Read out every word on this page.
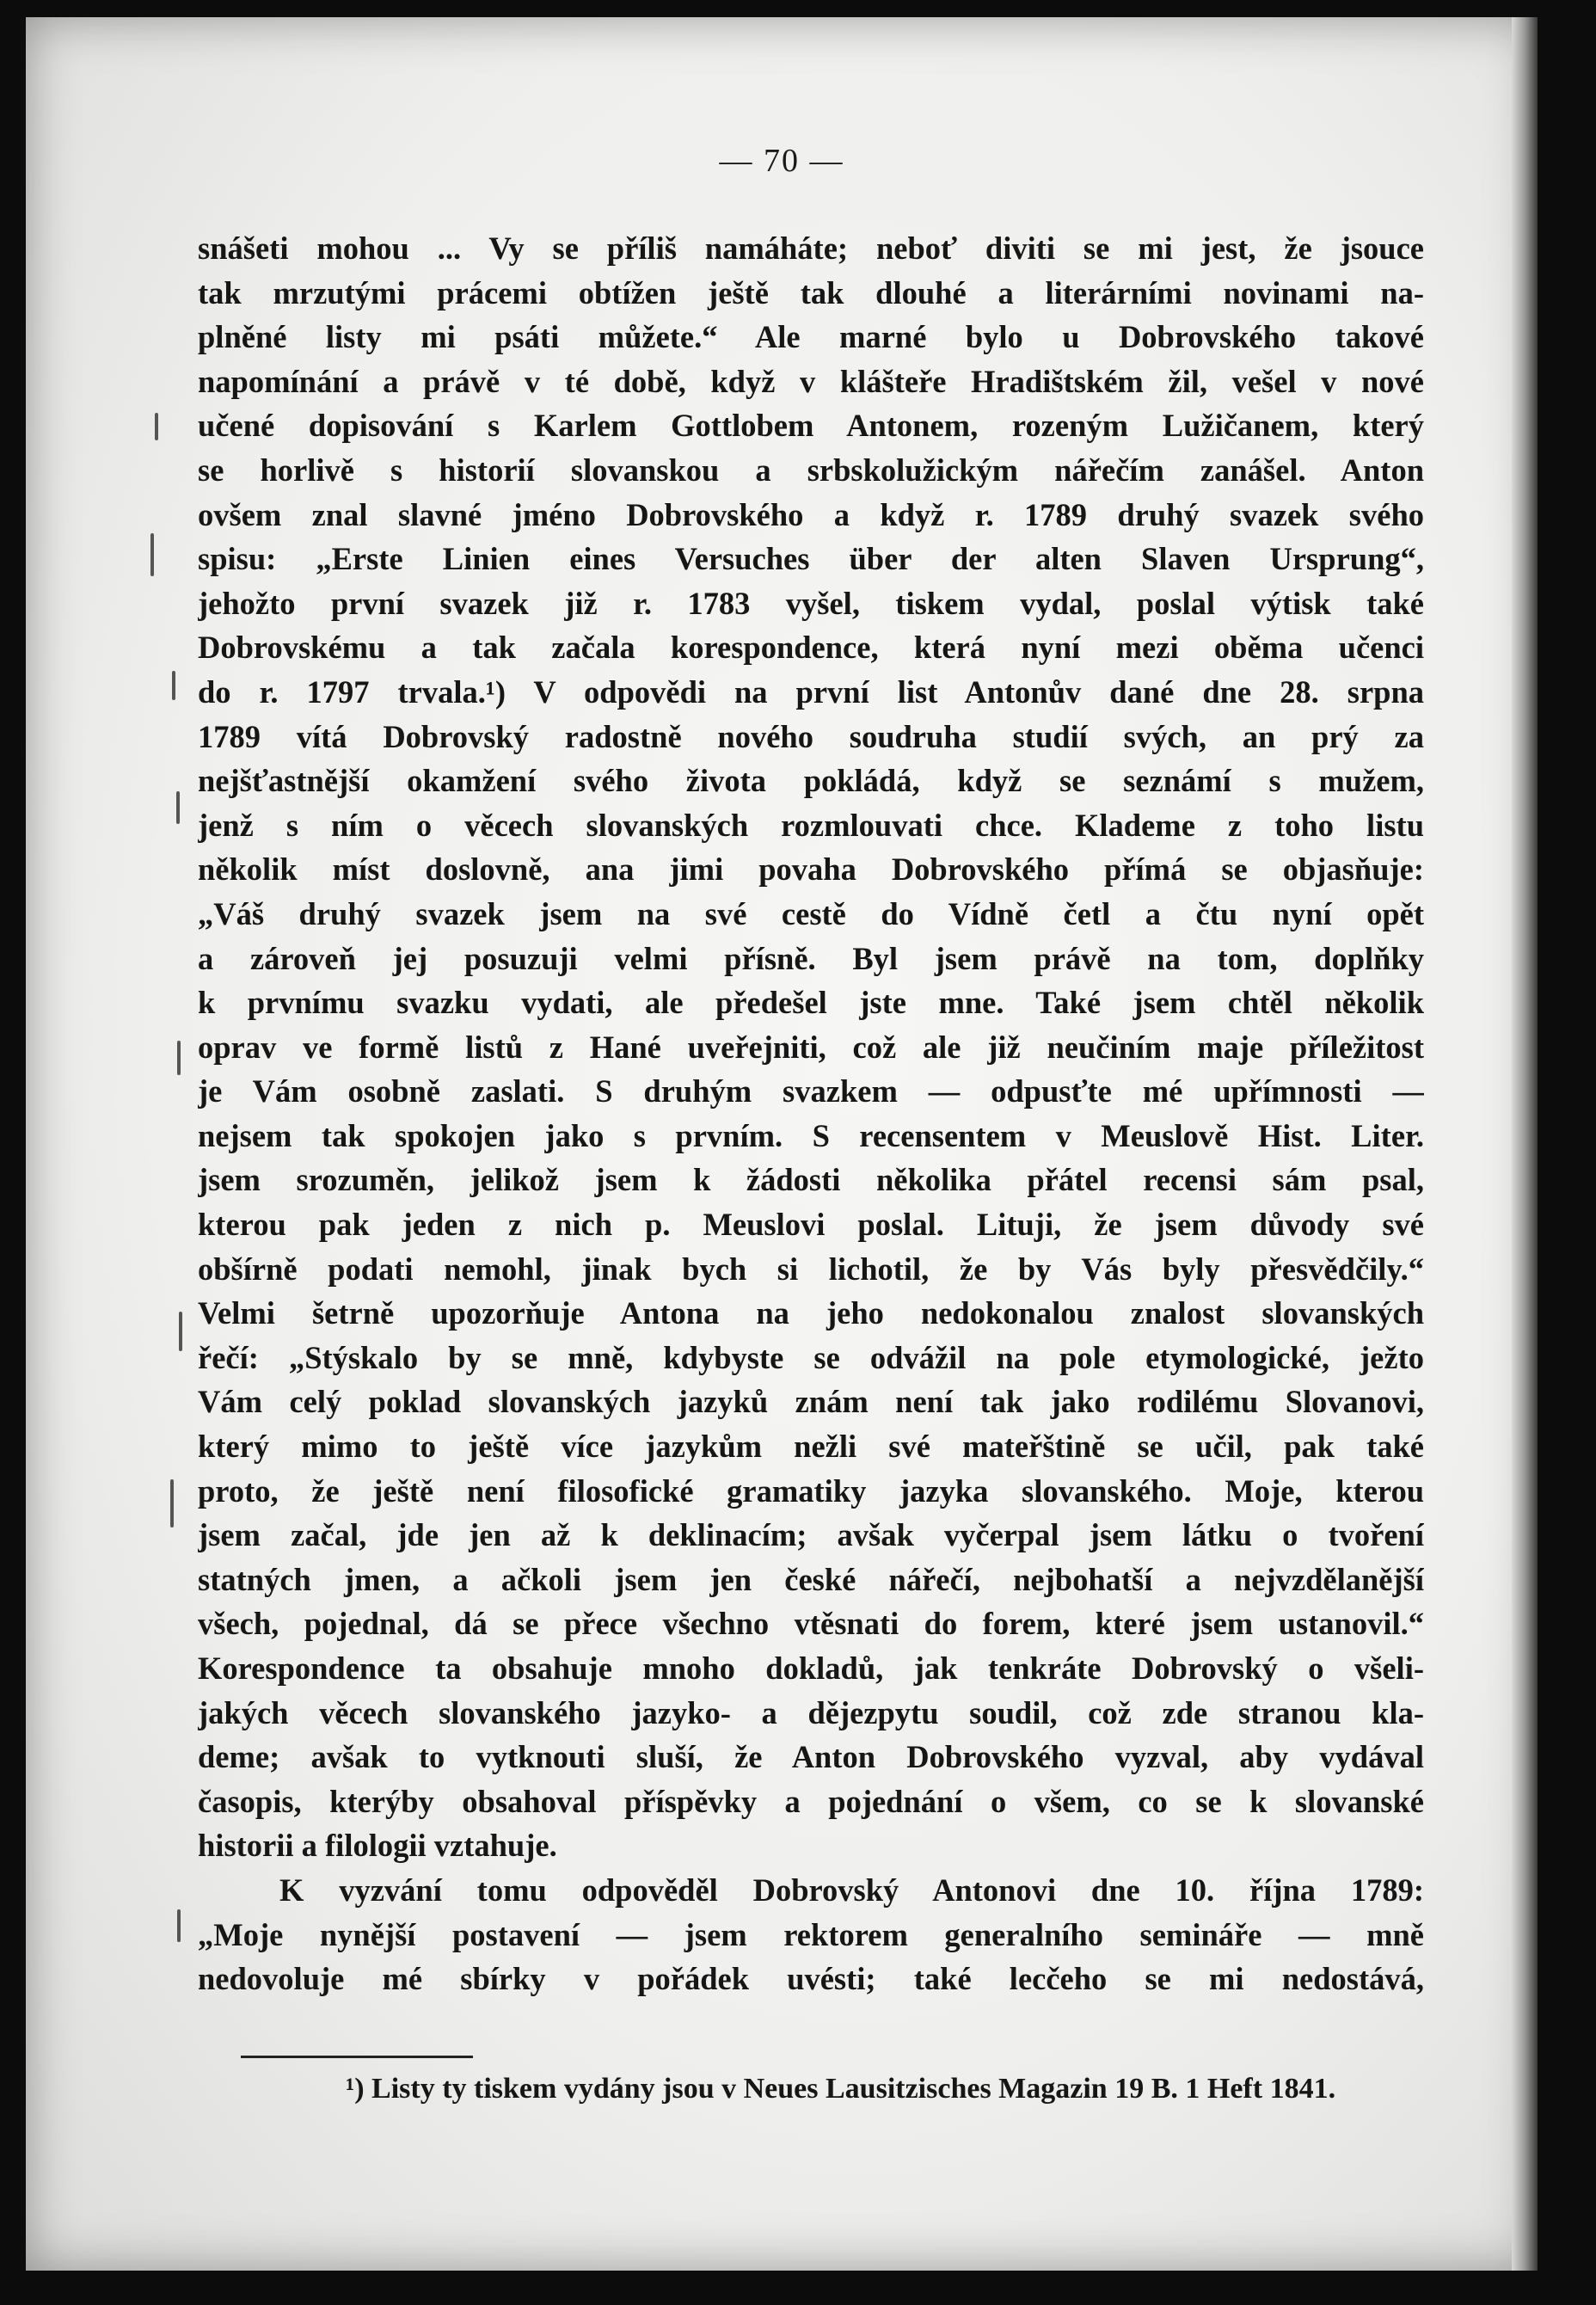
— 70 —
snášeti mohou ... Vy se příliš namáháte; neboť diviti se mi jest, že jsouce
tak mrzutými prácemi obtížen ještě tak dlouhé a literárními novinami na-
plněné listy mi psáti můžete.“ Ale marné bylo u Dobrovského takové
napomínání a právě v té době, když v klášteře Hradištském žil, vešel v nové
učené dopisování s Karlem Gottlobem Antonem, rozeným Lužičanem, který
se horlivě s historií slovanskou a srbskolužickým nářečím zanášel. Anton
ovšem znal slavné jméno Dobrovského a když r. 1789 druhý svazek svého
spisu: „Erste Linien eines Versuches über der alten Slaven Ursprung“,
jehožto první svazek již r. 1783 vyšel, tiskem vydal, poslal výtisk také
Dobrovskému a tak začala korespondence, která nyní mezi oběma učenci
do r. 1797 trvala.¹) V odpovědi na první list Antonův dané dne 28. srpna
1789 vítá Dobrovský radostně nového soudruha studií svých, an prý za
nejšťastnější okamžení svého života pokládá, když se seznámí s mužem,
jenž s ním o věcech slovanských rozmlouvati chce. Klademe z toho listu
několik míst doslovně, ana jimi povaha Dobrovského přímá se objasňuje:
„Váš druhý svazek jsem na své cestě do Vídně četl a čtu nyní opět
a zároveň jej posuzuji velmi přísně. Byl jsem právě na tom, doplňky
k prvnímu svazku vydati, ale předešel jste mne. Také jsem chtěl několik
oprav ve formě listů z Hané uveřejniti, což ale již neučiním maje příležitost
je Vám osobně zaslati. S druhým svazkem — odpusťte mé upřímnosti —
nejsem tak spokojen jako s prvním. S recensentem v Meuslově Hist. Liter.
jsem srozuměn, jelikož jsem k žádosti několika přátel recensi sám psal,
kterou pak jeden z nich p. Meuslovi poslal. Lituji, že jsem důvody své
obšírně podati nemohl, jinak bych si lichotil, že by Vás byly přesvědčily.“
Velmi šetrně upozorňuje Antona na jeho nedokonalou znalost slovanských
řečí: „Stýskalo by se mně, kdybyste se odvážil na pole etymologické, ježto
Vám celý poklad slovanských jazyků znám není tak jako rodilému Slovanovi,
který mimo to ještě více jazykům nežli své mateřštině se učil, pak také
proto, že ještě není filosofické gramatiky jazyka slovanského. Moje, kterou
jsem začal, jde jen až k deklinacím; avšak vyčerpal jsem látku o tvoření
statných jmen, a ačkoli jsem jen české nářečí, nejbohatší a nejvzdělanější
všech, pojednal, dá se přece všechno vtěsnati do forem, které jsem ustanovil.“
Korespondence ta obsahuje mnoho dokladů, jak tenkráte Dobrovský o všeli-
jakých věcech slovanského jazyko- a dějezpytu soudil, což zde stranou kla-
deme; avšak to vytknouti sluší, že Anton Dobrovského vyzval, aby vydával
časopis, kterýby obsahoval příspěvky a pojednání o všem, co se k slovanské
historii a filologii vztahuje.
K vyzvání tomu odpověděl Dobrovský Antonovi dne 10. října 1789:
„Moje nynější postavení — jsem rektorem generalního semináře — mně
nedovoluje mé sbírky v pořádek uvésti; také lecčeho se mi nedostává,
¹) Listy ty tiskem vydány jsou v Neues Lausitzisches Magazin 19 B. 1 Heft 1841.
